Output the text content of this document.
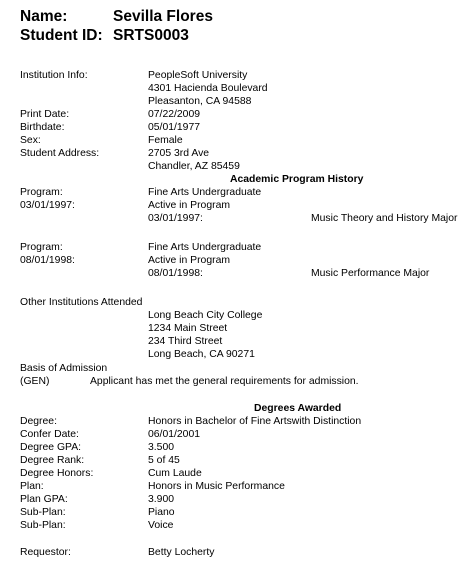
Name:	Sevilla Flores
Student ID: SRTS0003
Institution Info:	PeopleSoft University
4301 Hacienda Boulevard
Pleasanton, CA 94588
Print Date:	07/22/2009
Birthdate:	05/01/1977
Sex:	Female
Student Address:	2705 3rd Ave
Chandler, AZ 85459
Academic Program History
Program:	Fine Arts Undergraduate
03/01/1997:	Active in Program
03/01/1997:	Music Theory and History Major
Program:	Fine Arts Undergraduate
08/01/1998:	Active in Program
08/01/1998:	Music Performance Major
Other Institutions Attended
Long Beach City College
1234 Main Street
234 Third Street
Long Beach, CA 90271
Basis of Admission
(GEN)	Applicant has met the general requirements for admission.
Degrees Awarded
Degree:	Honors in Bachelor of Fine Artswith Distinction
Confer Date:	06/01/2001
Degree GPA:	3.500
Degree Rank:	5 of 45
Degree Honors:	Cum Laude
Plan:	Honors in Music Performance
Plan GPA:	3.900
Sub-Plan:	Piano
Sub-Plan:	Voice
Requestor:	Betty Locherty
